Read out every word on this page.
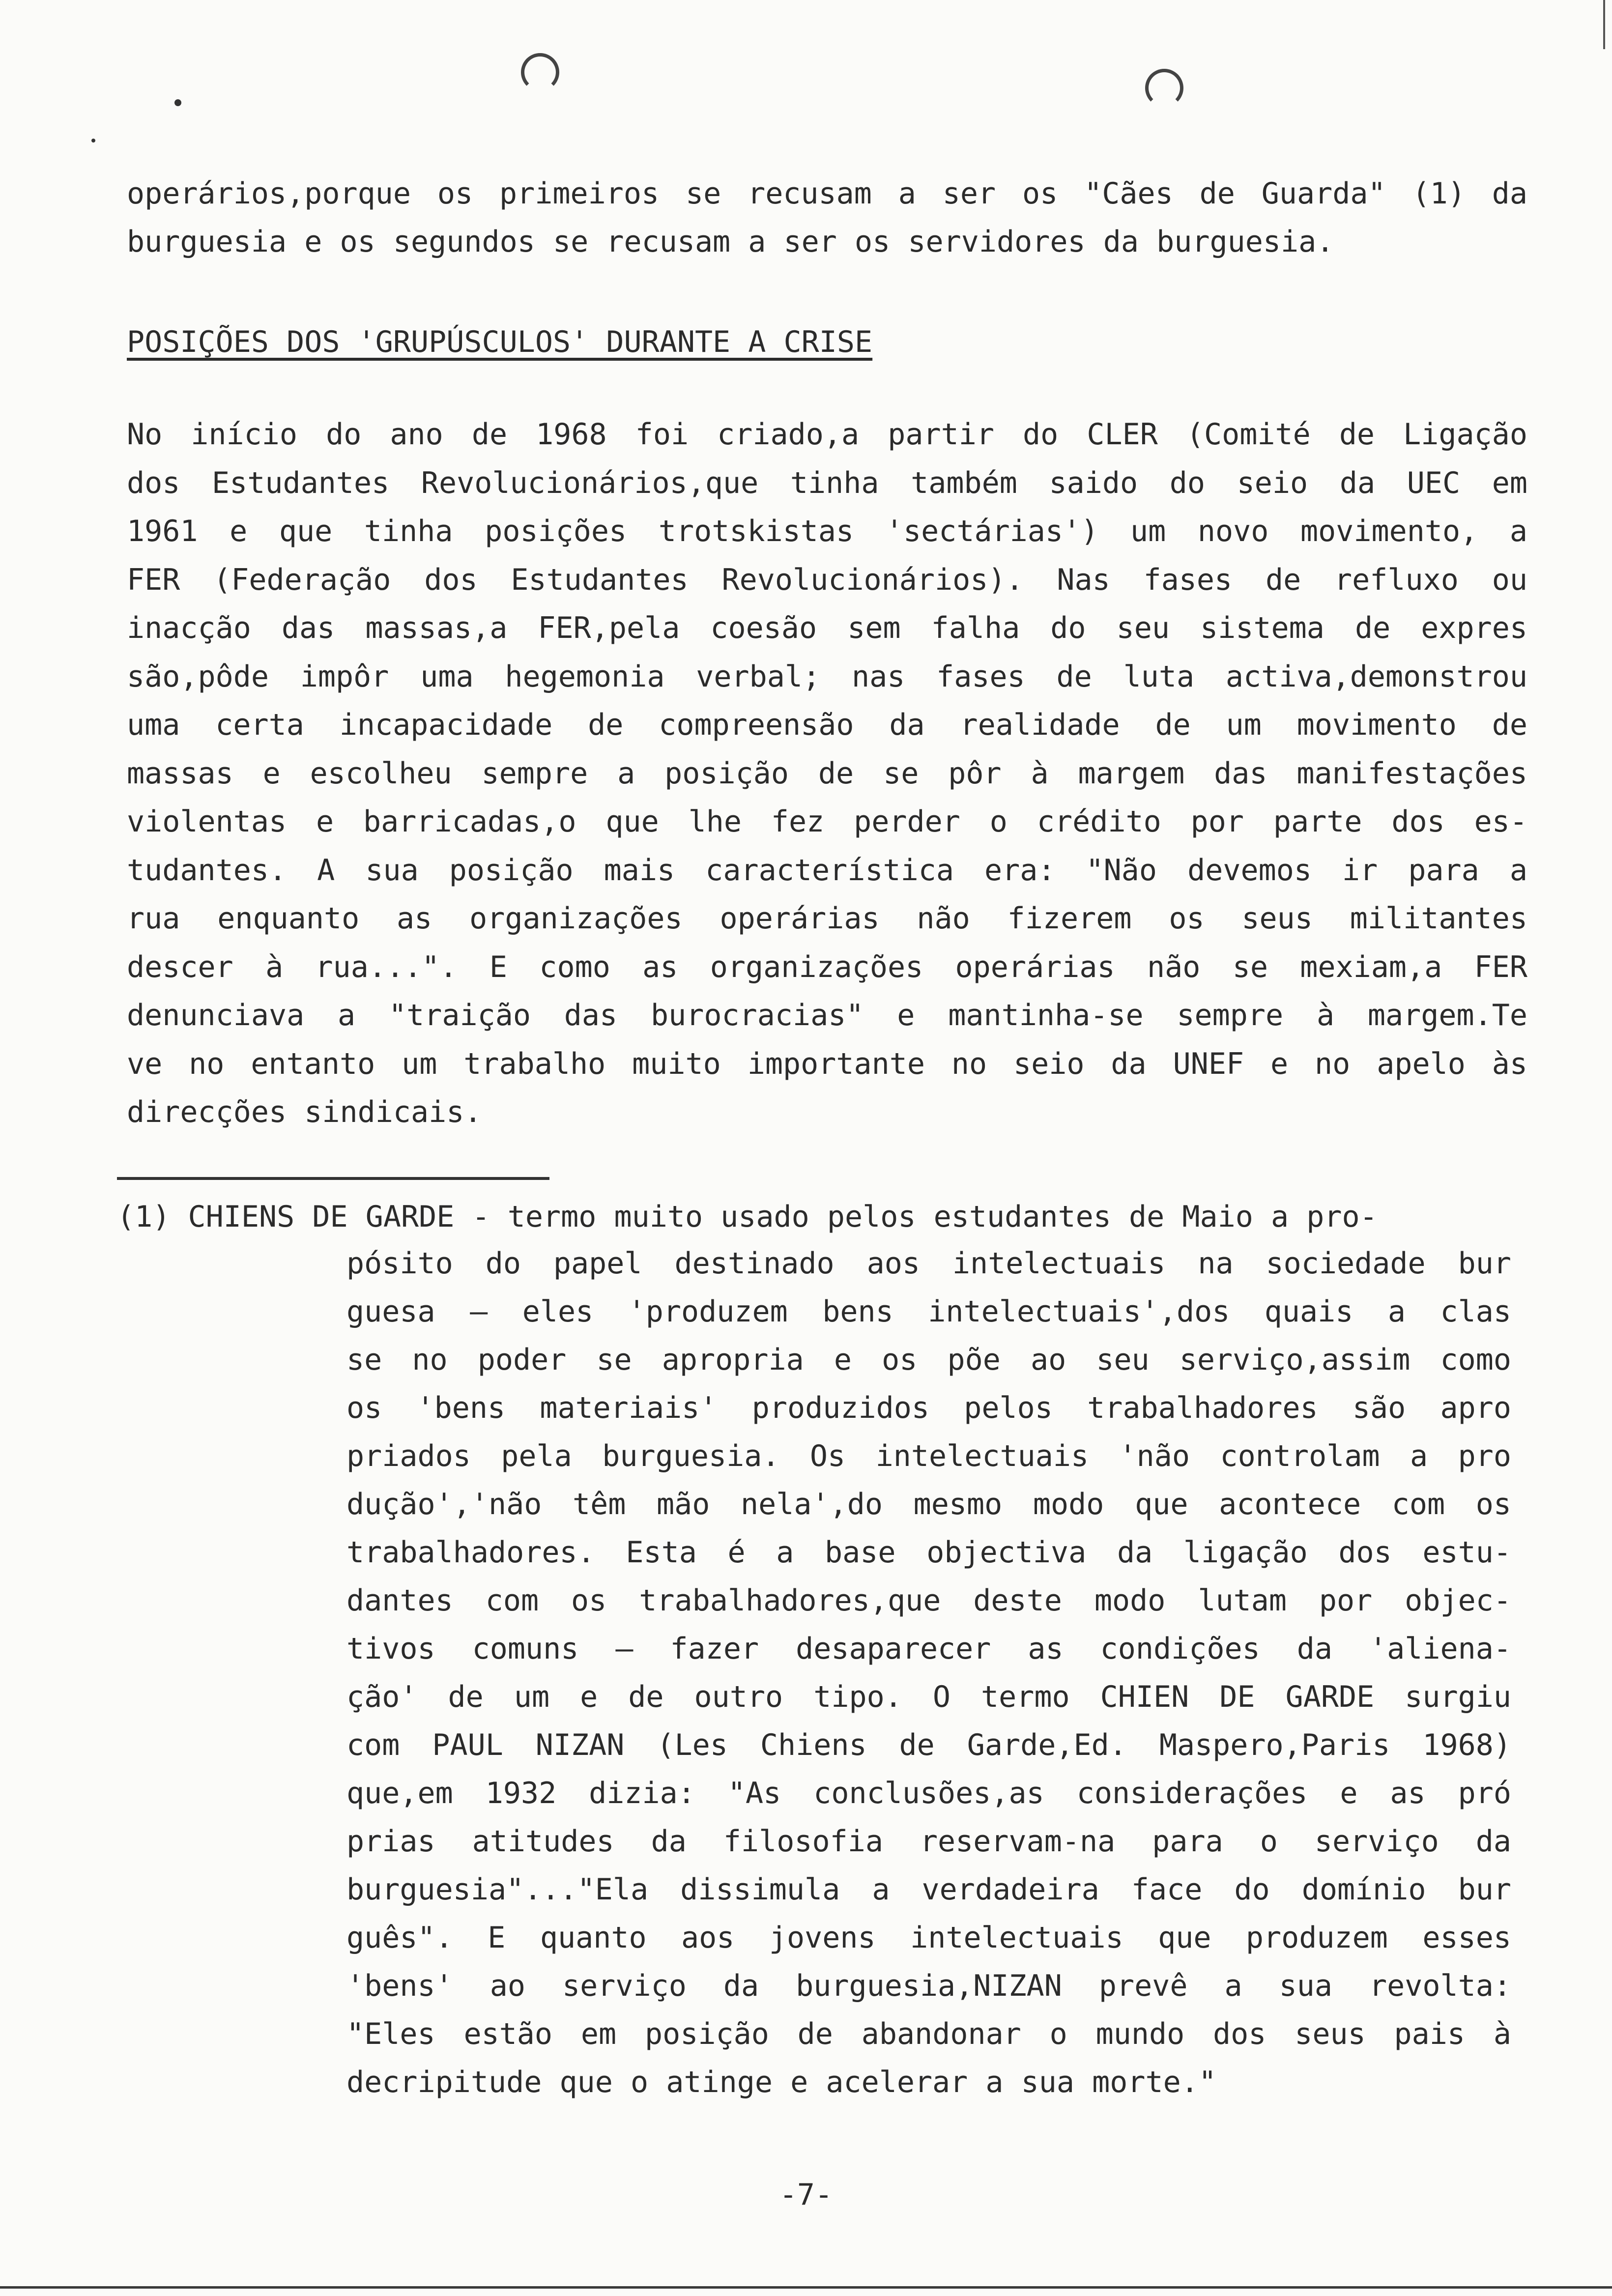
operários,porque os primeiros se recusam a ser os "Cães de Guarda" (1) da
burguesia e os segundos se recusam a ser os servidores da burguesia.
POSIÇÕES DOS 'GRUPÚSCULOS' DURANTE A CRISE
No início do ano de 1968 foi criado,a partir do CLER (Comité de Ligação
dos Estudantes Revolucionários,que tinha também saido do seio da UEC em
1961 e que tinha posições trotskistas 'sectárias') um novo movimento, a
FER (Federação dos Estudantes Revolucionários). Nas fases de refluxo ou
inacção das massas,a FER,pela coesão sem falha do seu sistema de expres
são,pôde impôr uma hegemonia verbal; nas fases de luta activa,demonstrou
uma certa incapacidade de compreensão da realidade de um movimento de
massas e escolheu sempre a posição de se pôr à margem das manifestações
violentas e barricadas,o que lhe fez perder o crédito por parte dos es-
tudantes. A sua posição mais característica era: "Não devemos ir para a
rua enquanto as organizações operárias não fizerem os seus militantes
descer à rua...". E como as organizações operárias não se mexiam,a FER
denunciava a "traição das burocracias" e mantinha-se sempre à margem.Te
ve no entanto um trabalho muito importante no seio da UNEF e no apelo às
direcções sindicais.
(1) CHIENS DE GARDE - termo muito usado pelos estudantes de Maio a pro-
pósito do papel destinado aos intelectuais na sociedade bur
guesa — eles 'produzem bens intelectuais',dos quais a clas
se no poder se apropria e os põe ao seu serviço,assim como
os 'bens materiais' produzidos pelos trabalhadores são apro
priados pela burguesia. Os intelectuais 'não controlam a pro
dução','não têm mão nela',do mesmo modo que acontece com os
trabalhadores. Esta é a base objectiva da ligação dos estu-
dantes com os trabalhadores,que deste modo lutam por objec-
tivos comuns — fazer desaparecer as condições da 'aliena-
ção' de um e de outro tipo. O termo CHIEN DE GARDE surgiu
com PAUL NIZAN (Les Chiens de Garde,Ed. Maspero,Paris 1968)
que,em 1932 dizia: "As conclusões,as considerações e as pró
prias atitudes da filosofia reservam-na para o serviço da
burguesia"..."Ela dissimula a verdadeira face do domínio bur
guês". E quanto aos jovens intelectuais que produzem esses
'bens' ao serviço da burguesia,NIZAN prevê a sua revolta:
"Eles estão em posição de abandonar o mundo dos seus pais à
decripitude que o atinge e acelerar a sua morte."
-7-
